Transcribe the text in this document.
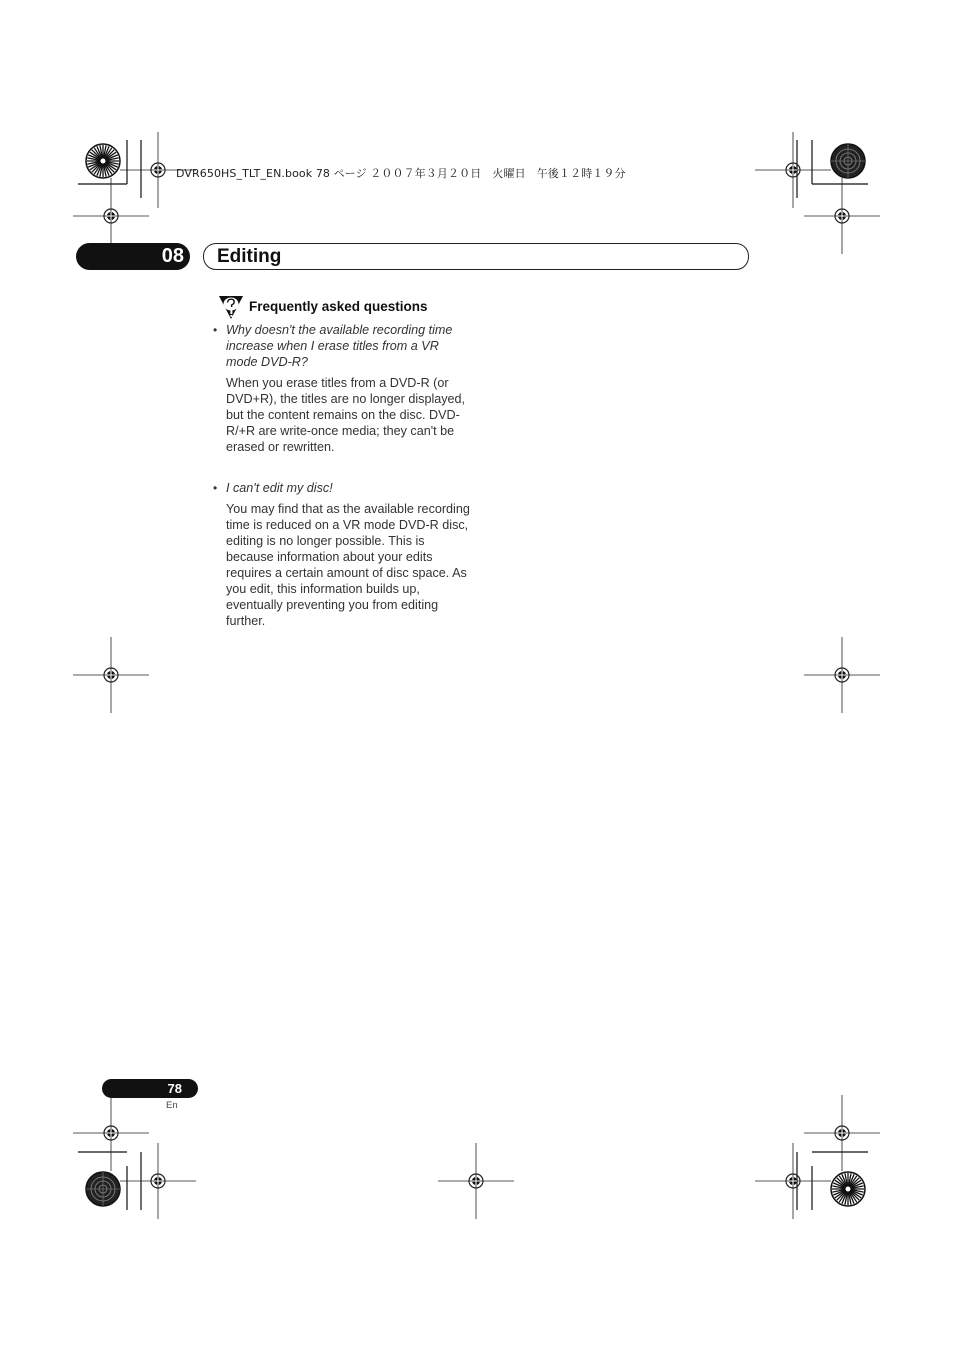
DVR650HS_TLT_EN.book 78 ページ ２００７年３月２０日　火曜日　午後１２時１９分
08 Editing
Frequently asked questions
• Why doesn't the available recording time increase when I erase titles from a VR mode DVD-R?
When you erase titles from a DVD-R (or DVD+R), the titles are no longer displayed, but the content remains on the disc. DVD-R/+R are write-once media; they can't be erased or rewritten.
• I can't edit my disc!
You may find that as the available recording time is reduced on a VR mode DVD-R disc, editing is no longer possible. This is because information about your edits requires a certain amount of disc space. As you edit, this information builds up, eventually preventing you from editing further.
78
En
